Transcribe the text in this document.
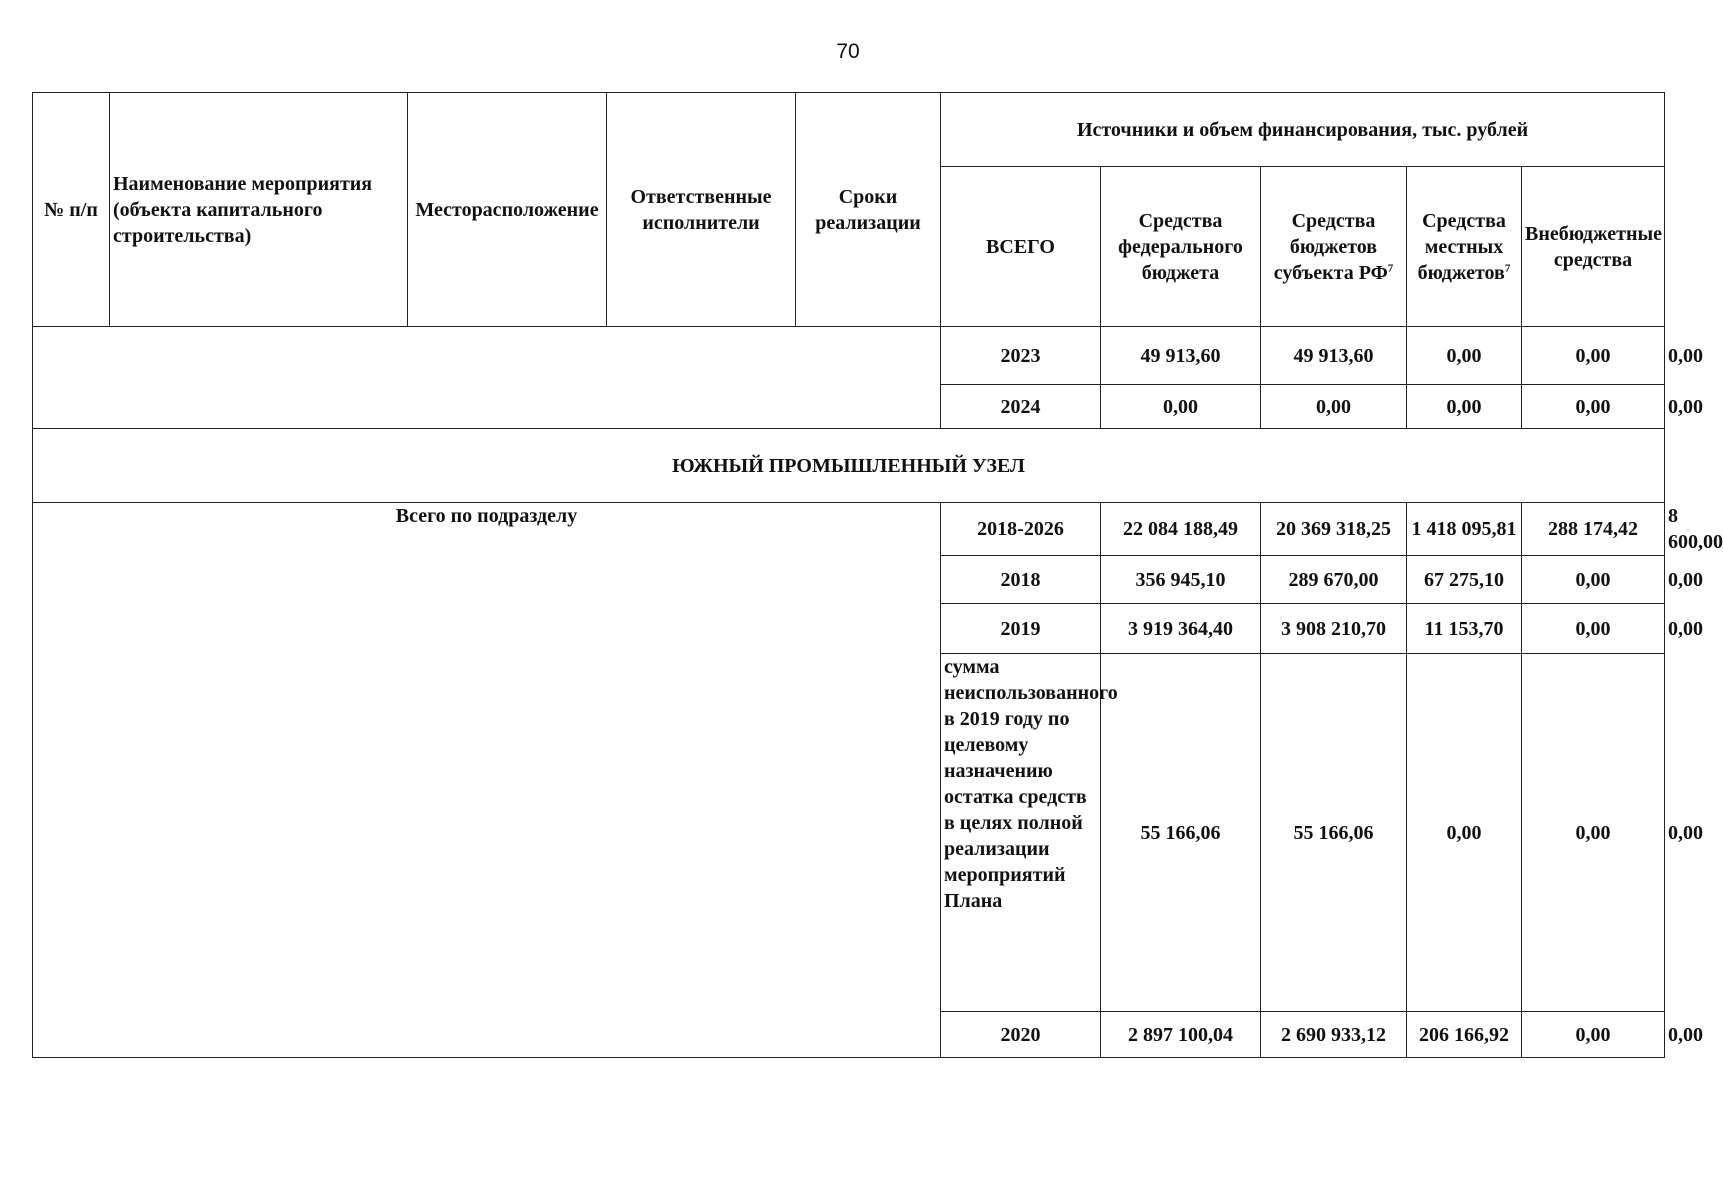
70
№ п/п	Наименование мероприятия (объекта капитального строительства)	Месторасположение	Ответственные исполнители	Сроки реализации	Источники и объем финансирования, тыс. рублей					
					ВСЕГО	Средства федерального бюджета	Средства бюджетов субъекта $РФ^7$	Средства местных бюджетов$^7$	Внебюджетные средства	
					2023	49 913,60	49 913,60	0,00	0,00	0,00
					2024	0,00	0,00	0,00	0,00	0,00
ЮЖНЫЙ ПРОМЫШЛЕННЫЙ УЗЕЛ										
Всего по подразделу					2018-2026	22 084 188,49	20 369 318,25	1 418 095,81	288 174,42	8 600,00
					2018	356 945,10	289 670,00	67 275,10	0,00	0,00
					2019	3 919 364,40	3 908 210,70	11 153,70	0,00	0,00
					сумма неиспользованного в 2019 году по целевому назначению остатка средств в целях полной реализации мероприятий Плана	55 166,06	55 166,06	0,00	0,00	0,00
					2020	2 897 100,04	2 690 933,12	206 166,92	0,00	0,00
